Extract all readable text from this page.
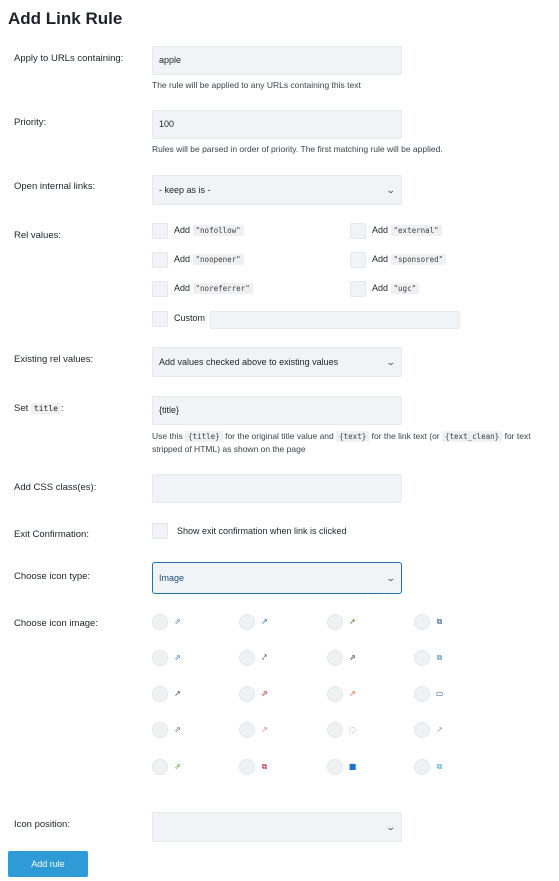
Add Link Rule
Apply to URLs containing:	apple
The rule will be applied to any URLs containing this text
Priority:	100
Rules will be parsed in order of priority. The first matching rule will be applied.
Open internal links:	- keep as is -	⌄
Rel values:	Add "nofollow"	Add "external"
Add "noopener"	Add "sponsored"
Add "noreferrer"	Add "ugc"
Custom
Existing rel values:	Add values checked above to existing values	⌄
Set title :	{title}
Use this {title} for the original title value and {text} for the link text (or {text_clean} for text
stripped of HTML) as shown on the page
Add CSS class(es):
Exit Confirmation:	Show exit confirmation when link is clicked
Choose icon type:	Image	⌄
Choose icon image:	⇗	↗	➚	⧉
⇗	⤤	⇗	⧉
↗	⇗	↗	▭
⇗	↗	◌	↗
⇗	⧉	■	⧉
Icon position:	⌄
Add rule
